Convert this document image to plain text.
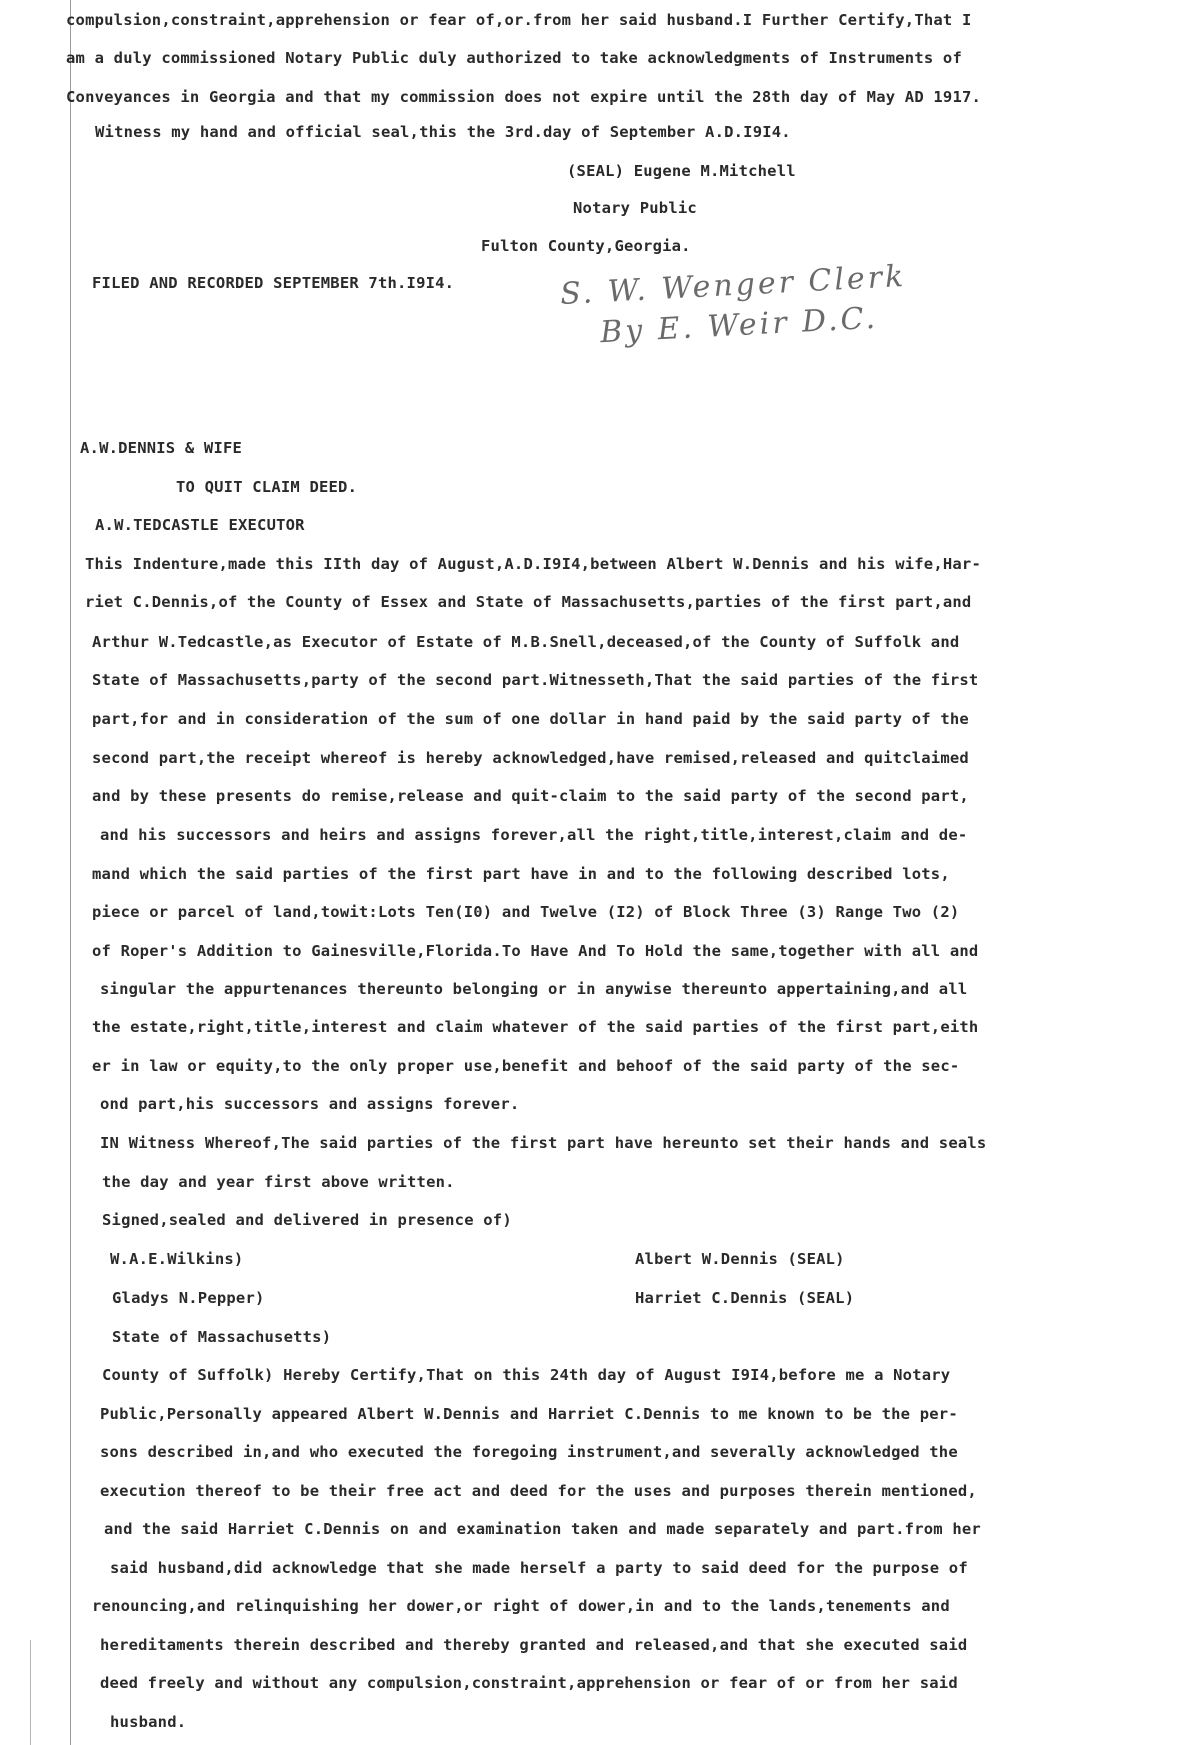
compulsion,constraint,apprehension or fear of,or.from her said husband.I Further Certify,That I
am a duly commissioned Notary Public duly authorized to take acknowledgments of Instruments of
Conveyances in Georgia and that my commission does not expire until the 28th day of May AD 1917.
Witness my hand and official seal,this the 3rd.day of September A.D.I9I4.
(SEAL) Eugene M.Mitchell
Notary Public
Fulton County,Georgia.
FILED AND RECORDED SEPTEMBER 7th.I9I4.	S. W. Wenger Clerk
By E. Weir D.C.
A.W.DENNIS & WIFE
TO QUIT CLAIM DEED.
A.W.TEDCASTLE EXECUTOR
This Indenture,made this IIth day of August,A.D.I9I4,between Albert W.Dennis and his wife,Har-
riet C.Dennis,of the County of Essex and State of Massachusetts,parties of the first part,and
Arthur W.Tedcastle,as Executor of Estate of M.B.Snell,deceased,of the County of Suffolk and
State of Massachusetts,party of the second part.Witnesseth,That the said parties of the first
part,for and in consideration of the sum of one dollar in hand paid by the said party of the
second part,the receipt whereof is hereby acknowledged,have remised,released and quitclaimed
and by these presents do remise,release and quit-claim to the said party of the second part,
and his successors and heirs and assigns forever,all the right,title,interest,claim and de-
mand which the said parties of the first part have in and to the following described lots,
piece or parcel of land,towit:Lots Ten(I0) and Twelve (I2) of Block Three (3) Range Two (2)
of Roper's Addition to Gainesville,Florida.To Have And To Hold the same,together with all and
singular the appurtenances thereunto belonging or in anywise thereunto appertaining,and all
the estate,right,title,interest and claim whatever of the said parties of the first part,eith
er in law or equity,to the only proper use,benefit and behoof of the said party of the sec-
ond part,his successors and assigns forever.
IN Witness Whereof,The said parties of the first part have hereunto set their hands and seals
the day and year first above written.
Signed,sealed and delivered in presence of)
W.A.E.Wilkins)	Albert W.Dennis (SEAL)
Gladys N.Pepper)	Harriet C.Dennis (SEAL)
State of Massachusetts)
County of Suffolk) Hereby Certify,That on this 24th day of August I9I4,before me a Notary
Public,Personally appeared Albert W.Dennis and Harriet C.Dennis to me known to be the per-
sons described in,and who executed the foregoing instrument,and severally acknowledged the
execution thereof to be their free act and deed for the uses and purposes therein mentioned,
and the said Harriet C.Dennis on and examination taken and made separately and part.from her
said husband,did acknowledge that she made herself a party to said deed for the purpose of
renouncing,and relinquishing her dower,or right of dower,in and to the lands,tenements and
hereditaments therein described and thereby granted and released,and that she executed said
deed freely and without any compulsion,constraint,apprehension or fear of or from her said
husband.
